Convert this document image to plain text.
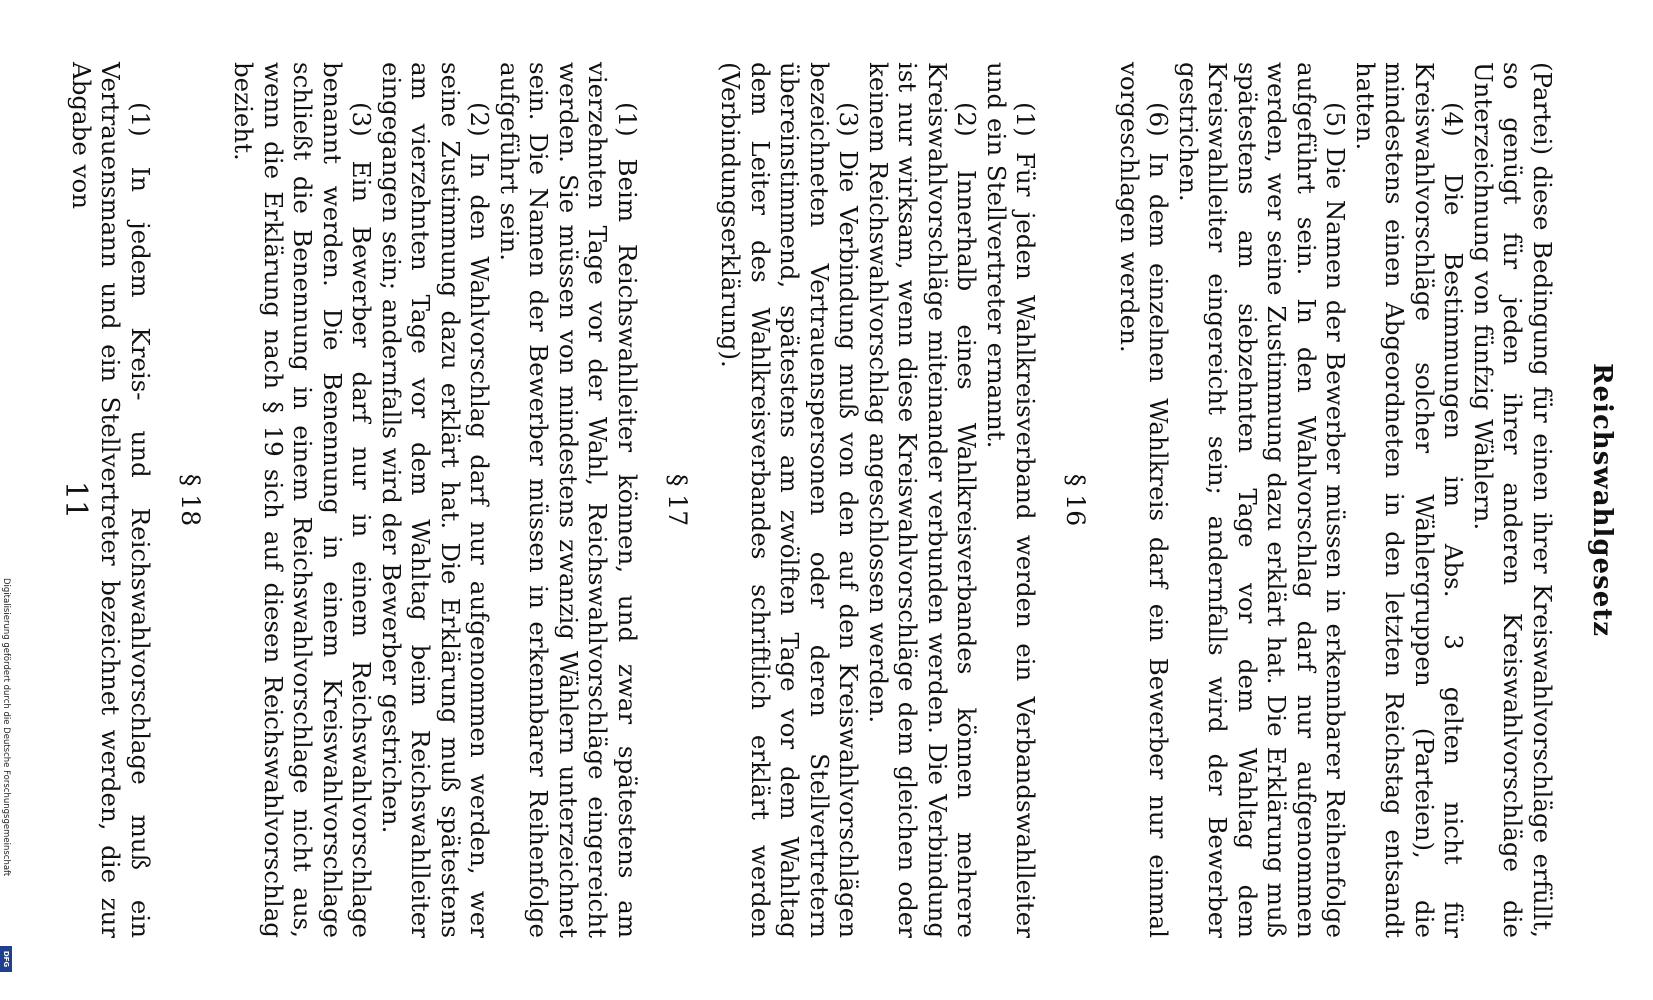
Reichswahlgesetz

(Partei) diese Bedingung für einen ihrer Kreiswahlvorschläge erfüllt, so genügt für jeden ihrer anderen Kreiswahlvorschläge die Unterzeichnung von fünfzig Wählern.

(4) Die Bestimmungen im Abs. 3 gelten nicht für Kreiswahlvorschläge solcher Wählergruppen (Parteien), die mindestens einen Abgeordneten in den letzten Reichstag entsandt hatten.

(5) Die Namen der Bewerber müssen in erkennbarer Reihenfolge aufgeführt sein. In den Wahlvorschlag darf nur aufgenommen werden, wer seine Zustimmung dazu erklärt hat. Die Erklärung muß spätestens am siebzehnten Tage vor dem Wahltag dem Kreiswahlleiter eingereicht sein; andernfalls wird der Bewerber gestrichen.

(6) In dem einzelnen Wahlkreis darf ein Bewerber nur einmal vorgeschlagen werden.

§ 16

(1) Für jeden Wahlkreisverband werden ein Verbandswahlleiter und ein Stellvertreter ernannt.

(2) Innerhalb eines Wahlkreisverbandes können mehrere Kreiswahlvorschläge miteinander verbunden werden. Die Verbindung ist nur wirksam, wenn diese Kreiswahlvorschläge dem gleichen oder keinem Reichswahlvorschlag angeschlossen werden.

(3) Die Verbindung muß von den auf den Kreiswahlvorschlägen bezeichneten Vertrauenspersonen oder deren Stellvertretern übereinstimmend, spätestens am zwölften Tage vor dem Wahltag dem Leiter des Wahlkreisverbandes schriftlich erklärt werden (Verbindungserklärung).

§ 17

(1) Beim Reichswahlleiter können, und zwar spätestens am vierzehnten Tage vor der Wahl, Reichswahlvorschläge eingereicht werden. Sie müssen von mindestens zwanzig Wählern unterzeichnet sein. Die Namen der Bewerber müssen in erkennbarer Reihenfolge aufgeführt sein.

(2) In den Wahlvorschlag darf nur aufgenommen werden, wer seine Zustimmung dazu erklärt hat. Die Erklärung muß spätestens am vierzehnten Tage vor dem Wahltag beim Reichswahlleiter eingegangen sein; andernfalls wird der Bewerber gestrichen.

(3) Ein Bewerber darf nur in einem Reichswahlvorschlage benannt werden. Die Benennung in einem Kreiswahlvorschlage schließt die Benennung in einem Reichswahlvorschlage nicht aus, wenn die Erklärung nach § 19 sich auf diesen Reichswahlvorschlag bezieht.

§ 18

(1) In jedem Kreis- und Reichswahlvorschlage muß ein Vertrauensmann und ein Stellvertreter bezeichnet werden, die zur Abgabe von

11
Digitalisierung gefördert durch die Deutsche Forschungsgemeinschaft
DFG
